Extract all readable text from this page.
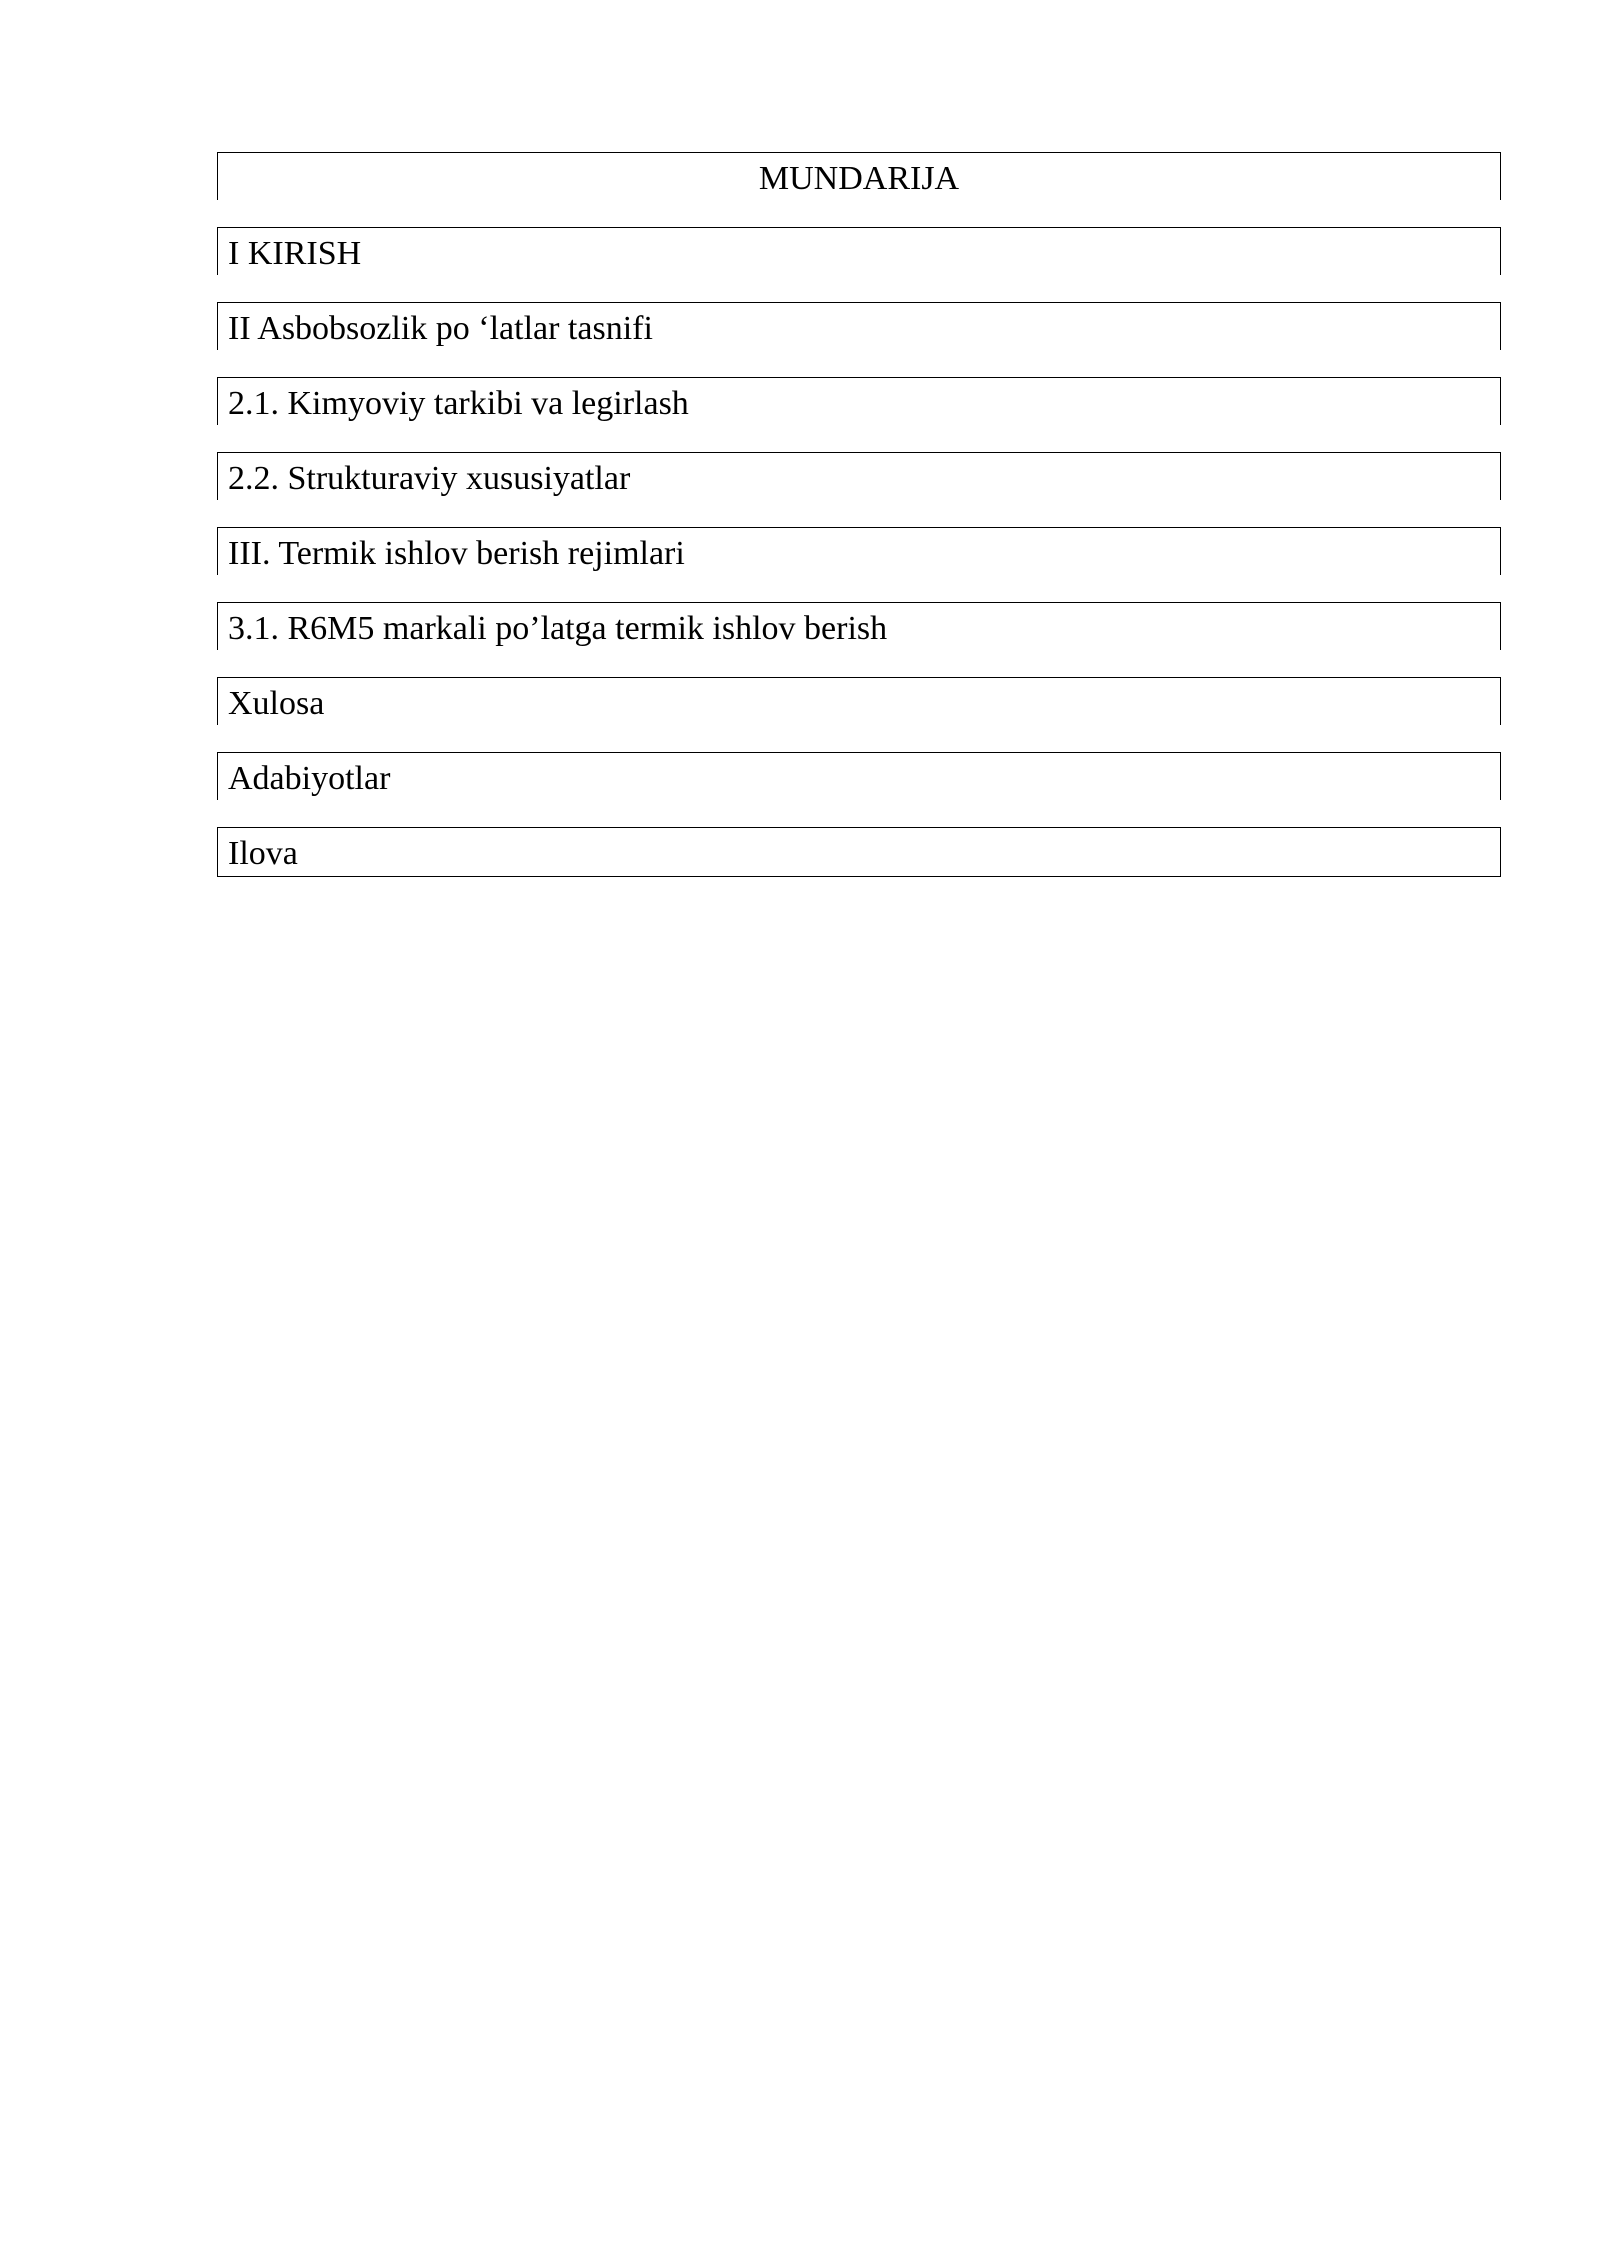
MUNDARIJA
I KIRISH
II Asbobsozlik po ‘latlar tasnifi
2.1. Kimyoviy tarkibi va legirlash
2.2. Strukturaviy xususiyatlar
III. Termik ishlov berish rejimlari
3.1. R6M5 markali po’latga termik ishlov berish
Xulosa
Adabiyotlar
Ilova
